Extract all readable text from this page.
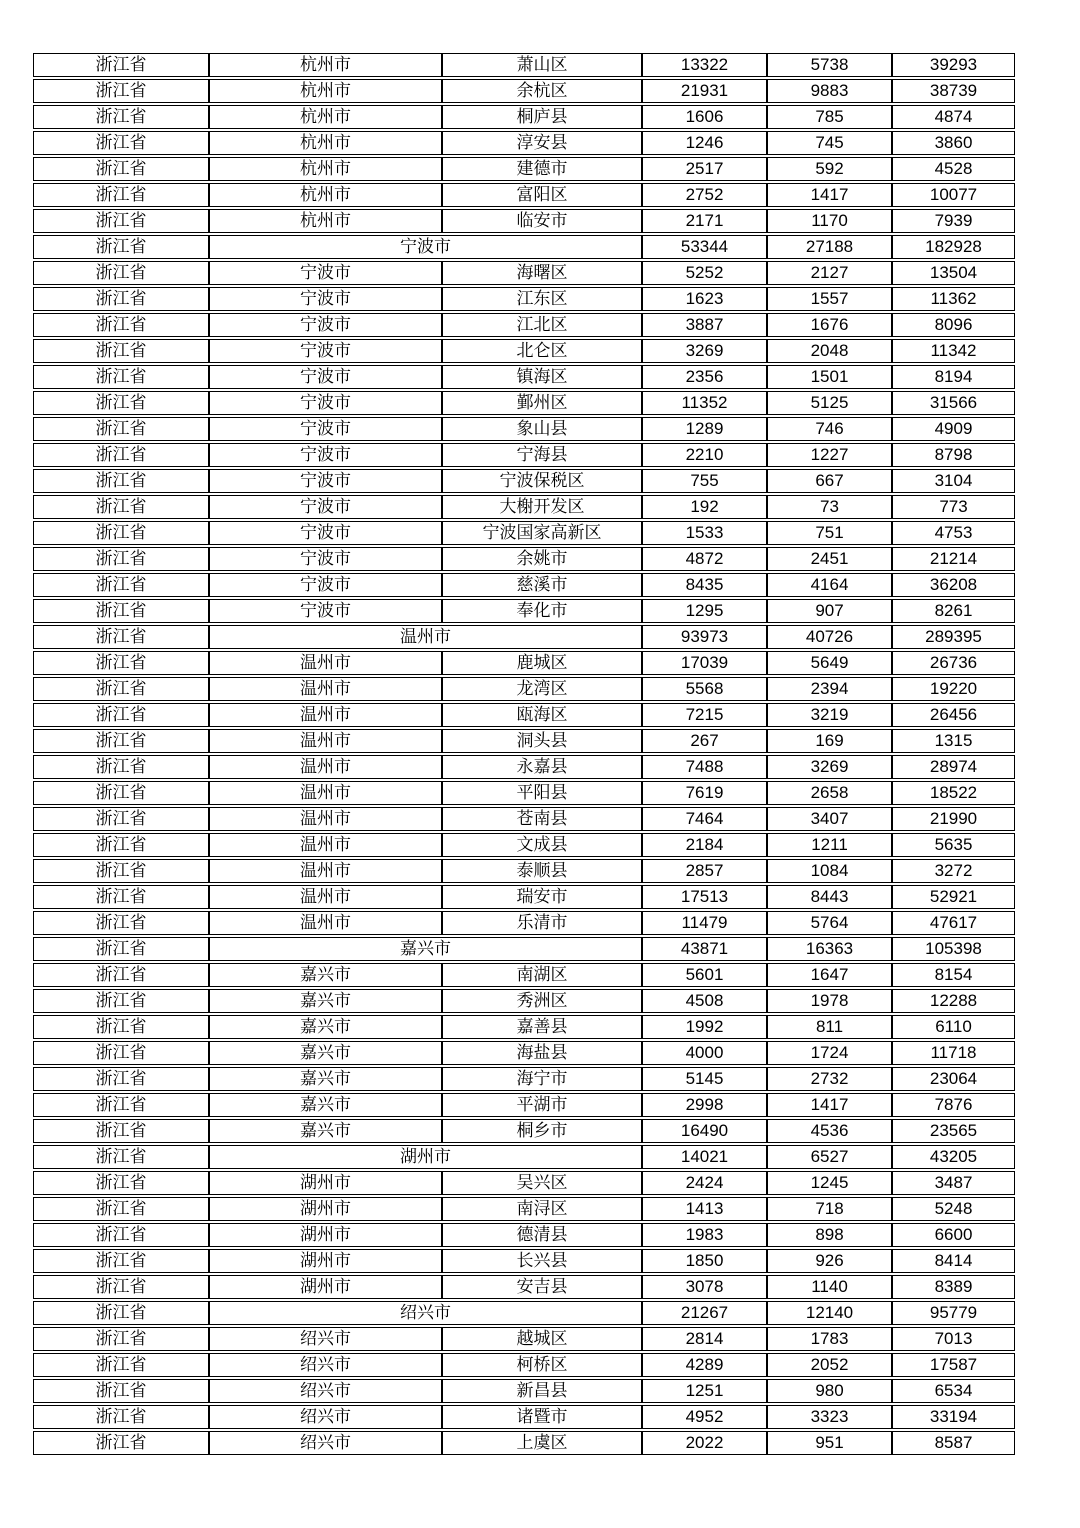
浙江省	杭州市	萧山区	13322	5738	39293
浙江省	杭州市	余杭区	21931	9883	38739
浙江省	杭州市	桐庐县	1606	785	4874
浙江省	杭州市	淳安县	1246	745	3860
浙江省	杭州市	建德市	2517	592	4528
浙江省	杭州市	富阳区	2752	1417	10077
浙江省	杭州市	临安市	2171	1170	7939
浙江省	宁波市		53344	27188	182928
浙江省	宁波市	海曙区	5252	2127	13504
浙江省	宁波市	江东区	1623	1557	11362
浙江省	宁波市	江北区	3887	1676	8096
浙江省	宁波市	北仑区	3269	2048	11342
浙江省	宁波市	镇海区	2356	1501	8194
浙江省	宁波市	鄞州区	11352	5125	31566
浙江省	宁波市	象山县	1289	746	4909
浙江省	宁波市	宁海县	2210	1227	8798
浙江省	宁波市	宁波保税区	755	667	3104
浙江省	宁波市	大榭开发区	192	73	773
浙江省	宁波市	宁波国家高新区	1533	751	4753
浙江省	宁波市	余姚市	4872	2451	21214
浙江省	宁波市	慈溪市	8435	4164	36208
浙江省	宁波市	奉化市	1295	907	8261
浙江省	温州市		93973	40726	289395
浙江省	温州市	鹿城区	17039	5649	26736
浙江省	温州市	龙湾区	5568	2394	19220
浙江省	温州市	瓯海区	7215	3219	26456
浙江省	温州市	洞头县	267	169	1315
浙江省	温州市	永嘉县	7488	3269	28974
浙江省	温州市	平阳县	7619	2658	18522
浙江省	温州市	苍南县	7464	3407	21990
浙江省	温州市	文成县	2184	1211	5635
浙江省	温州市	泰顺县	2857	1084	3272
浙江省	温州市	瑞安市	17513	8443	52921
浙江省	温州市	乐清市	11479	5764	47617
浙江省	嘉兴市		43871	16363	105398
浙江省	嘉兴市	南湖区	5601	1647	8154
浙江省	嘉兴市	秀洲区	4508	1978	12288
浙江省	嘉兴市	嘉善县	1992	811	6110
浙江省	嘉兴市	海盐县	4000	1724	11718
浙江省	嘉兴市	海宁市	5145	2732	23064
浙江省	嘉兴市	平湖市	2998	1417	7876
浙江省	嘉兴市	桐乡市	16490	4536	23565
浙江省	湖州市		14021	6527	43205
浙江省	湖州市	吴兴区	2424	1245	3487
浙江省	湖州市	南浔区	1413	718	5248
浙江省	湖州市	德清县	1983	898	6600
浙江省	湖州市	长兴县	1850	926	8414
浙江省	湖州市	安吉县	3078	1140	8389
浙江省	绍兴市		21267	12140	95779
浙江省	绍兴市	越城区	2814	1783	7013
浙江省	绍兴市	柯桥区	4289	2052	17587
浙江省	绍兴市	新昌县	1251	980	6534
浙江省	绍兴市	诸暨市	4952	3323	33194
浙江省	绍兴市	上虞区	2022	951	8587
